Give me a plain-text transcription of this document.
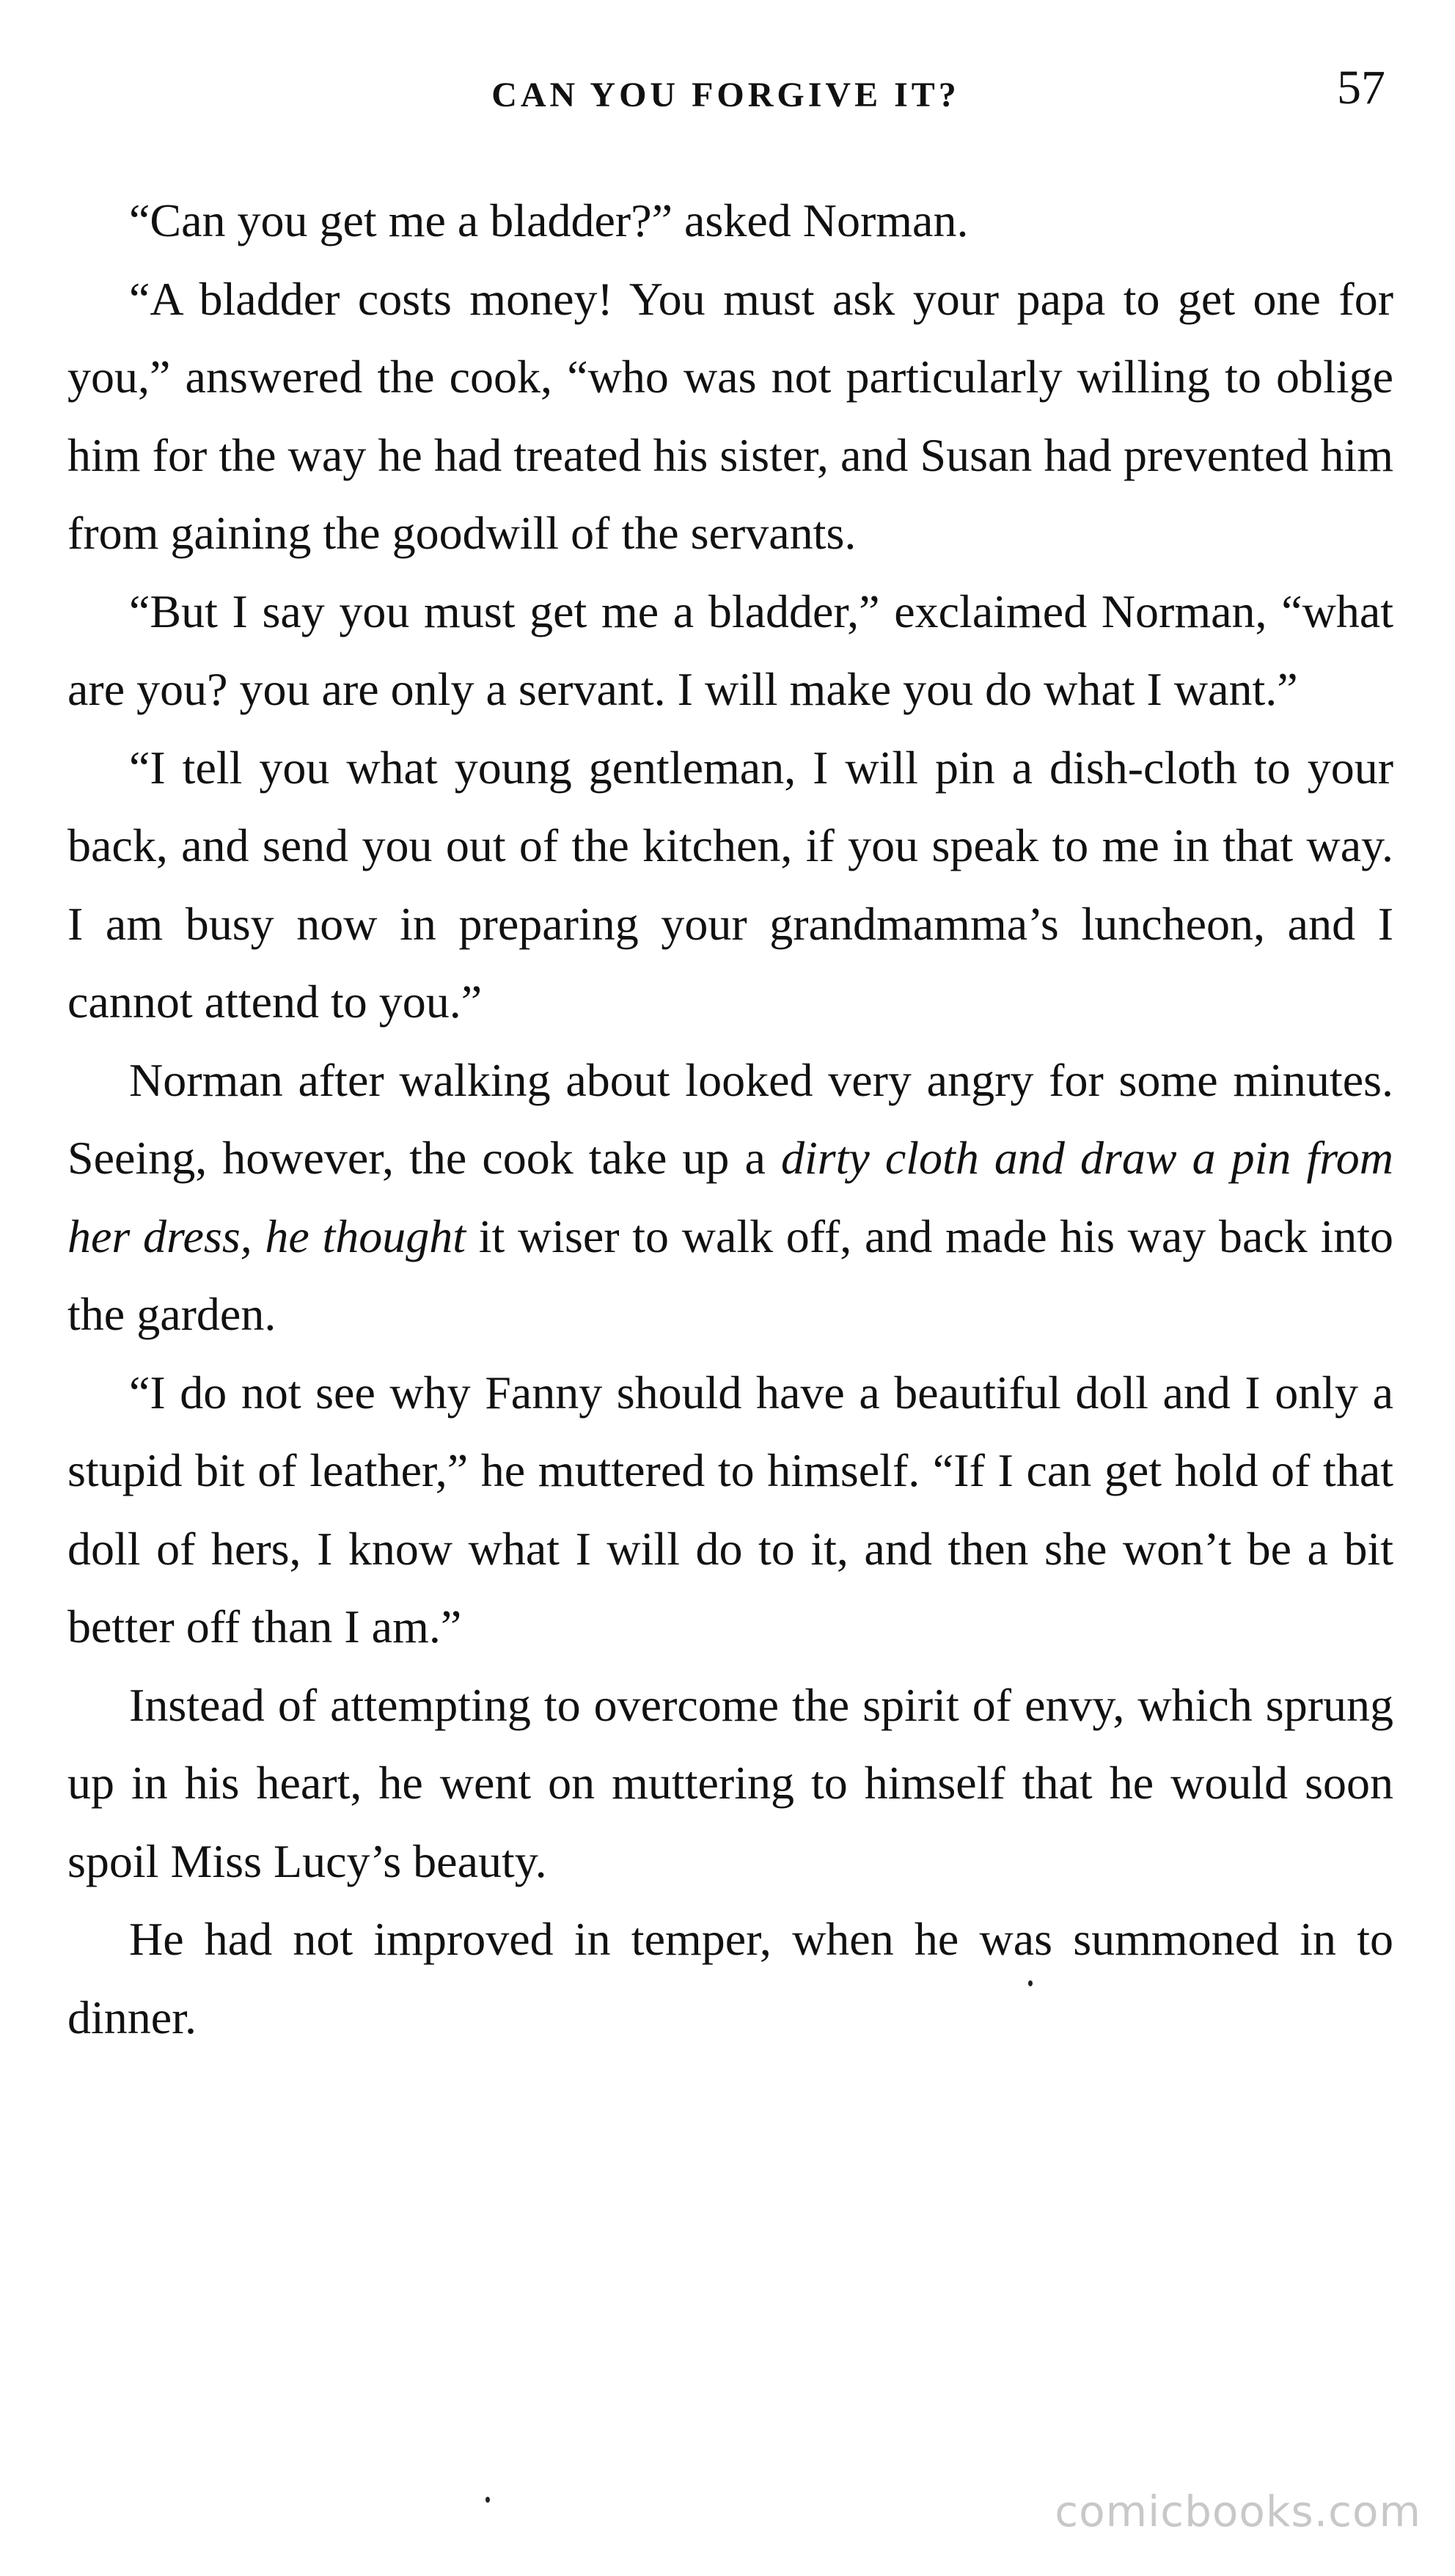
CAN YOU FORGIVE IT?	57

“Can you get me a bladder?” asked Norman.

“A bladder costs money! You must ask your papa to get one for you,” answered the cook, “who was not particularly willing to oblige him for the way he had treated his sister, and Susan had prevented him from gaining the goodwill of the servants.

“But I say you must get me a bladder,” exclaimed Norman, “what are you? you are only a servant. I will make you do what I want.”

“I tell you what young gentleman, I will pin a dish-cloth to your back, and send you out of the kitchen, if you speak to me in that way. I am busy now in preparing your grandmamma’s luncheon, and I cannot attend to you.”

Norman after walking about looked very angry for some minutes. Seeing, however, the cook take up a dirty cloth and draw a pin from her dress, he thought it wiser to walk off, and made his way back into the garden.

“I do not see why Fanny should have a beautiful doll and I only a stupid bit of leather,” he muttered to himself. “If I can get hold of that doll of hers, I know what I will do to it, and then she won’t be a bit better off than I am.”

Instead of attempting to overcome the spirit of envy, which sprung up in his heart, he went on muttering to himself that he would soon spoil Miss Lucy’s beauty.

He had not improved in temper, when he was summoned in to dinner.

comicbooks.com
